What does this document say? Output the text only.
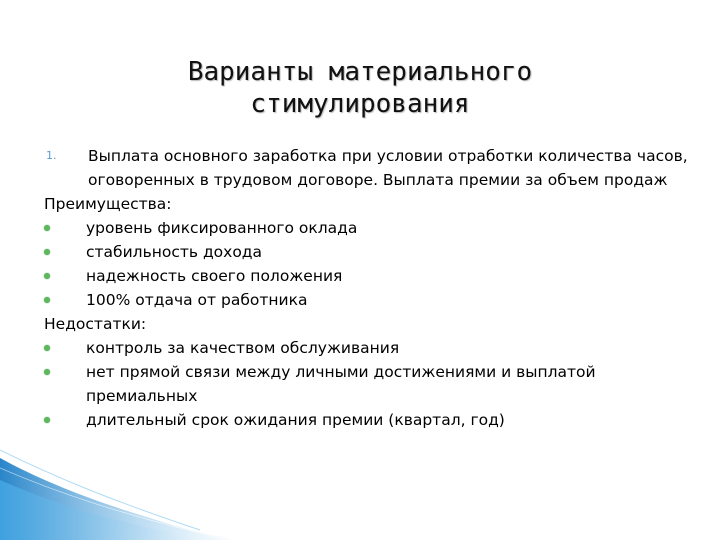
Варианты материального
стимулирования
1.	Выплата основного заработка при условии отработки количества часов, оговоренных в трудовом договоре. Выплата премии за объем продаж
Преимущества:
уровень фиксированного оклада
стабильность дохода
надежность своего положения
100% отдача от работника
Недостатки:
контроль за качеством обслуживания
нет прямой связи между личными достижениями и выплатой премиальных
длительный срок ожидания премии (квартал, год)
